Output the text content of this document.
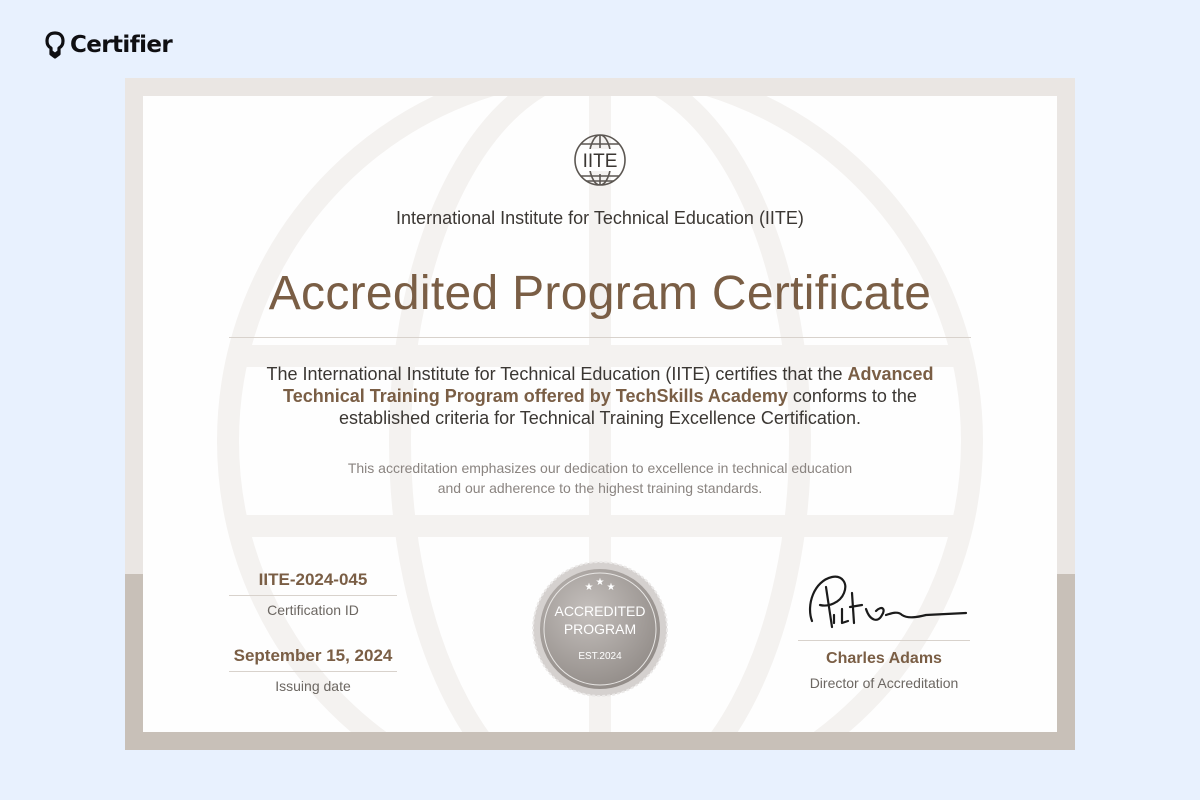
Certifier
IITE
International Institute for Technical Education (IITE)
Accredited Program Certificate

The International Institute for Technical Education (IITE) certifies that the Advanced Technical Training Program offered by TechSkills Academy conforms to the established criteria for Technical Training Excellence Certification.

This accreditation emphasizes our dedication to excellence in technical education and our adherence to the highest training standards.

IITE-2024-045
Certification ID
September 15, 2024
Issuing date
★ ★ ★
ACCREDITED
PROGRAM
EST.2024	Charles Adams
Director of Accreditation
